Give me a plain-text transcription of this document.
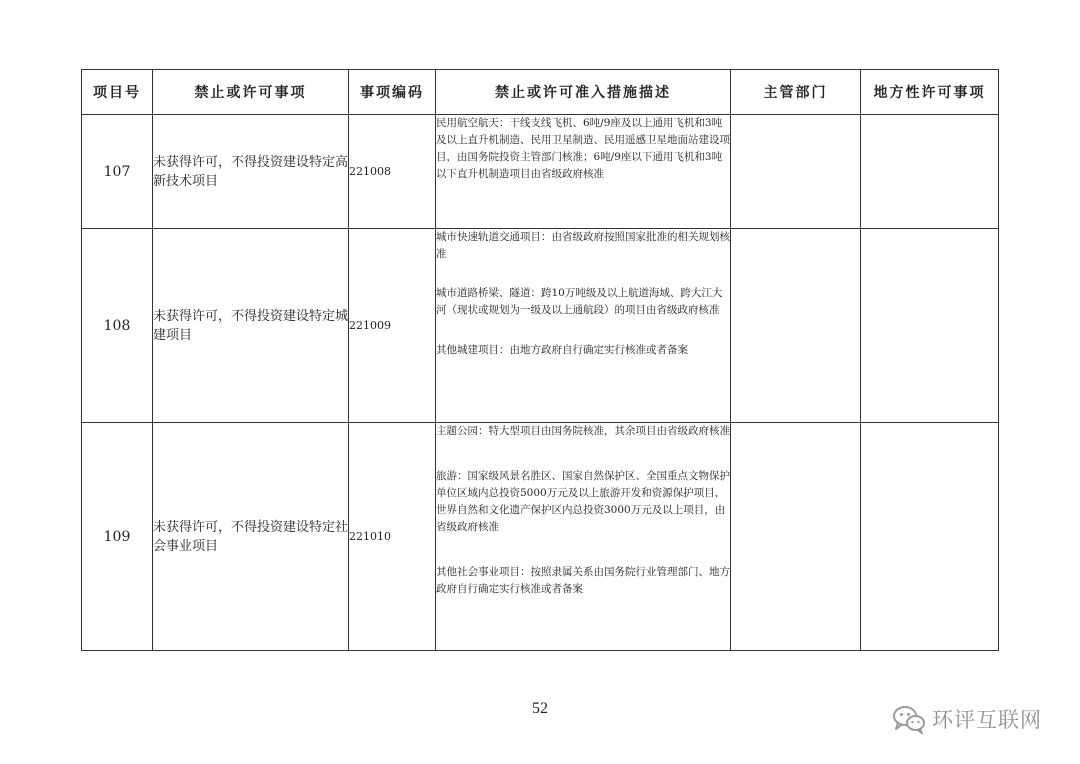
项目号	禁止或许可事项	事项编码	禁止或许可准入措施描述	主管部门	地方性许可事项
107	未获得许可，不得投资建设特定高新技术项目	221008	民用航空航天：干线支线飞机、6吨/9座及以上通用飞机和3吨及以上直升机制造、民用卫星制造、民用遥感卫星地面站建设项目，由国务院投资主管部门核准；6吨/9座以下通用飞机和3吨以下直升机制造项目由省级政府核准		

108	未获得许可，不得投资建设特定城建项目	221009	城市快速轨道交通项目：由省级政府按照国家批准的相关规划核准

城市道路桥梁、隧道：跨10万吨级及以上航道海域、跨大江大河（现状或规划为一级及以上通航段）的项目由省级政府核准

其他城建项目：由地方政府自行确定实行核准或者备案		

109	未获得许可，不得投资建设特定社会事业项目	221010	主题公园：特大型项目由国务院核准，其余项目由省级政府核准

旅游：国家级风景名胜区、国家自然保护区、全国重点文物保护单位区域内总投资5000万元及以上旅游开发和资源保护项目，世界自然和文化遗产保护区内总投资3000万元及以上项目，由省级政府核准

其他社会事业项目：按照隶属关系由国务院行业管理部门、地方政府自行确定实行核准或者备案		

52	环评互联网
